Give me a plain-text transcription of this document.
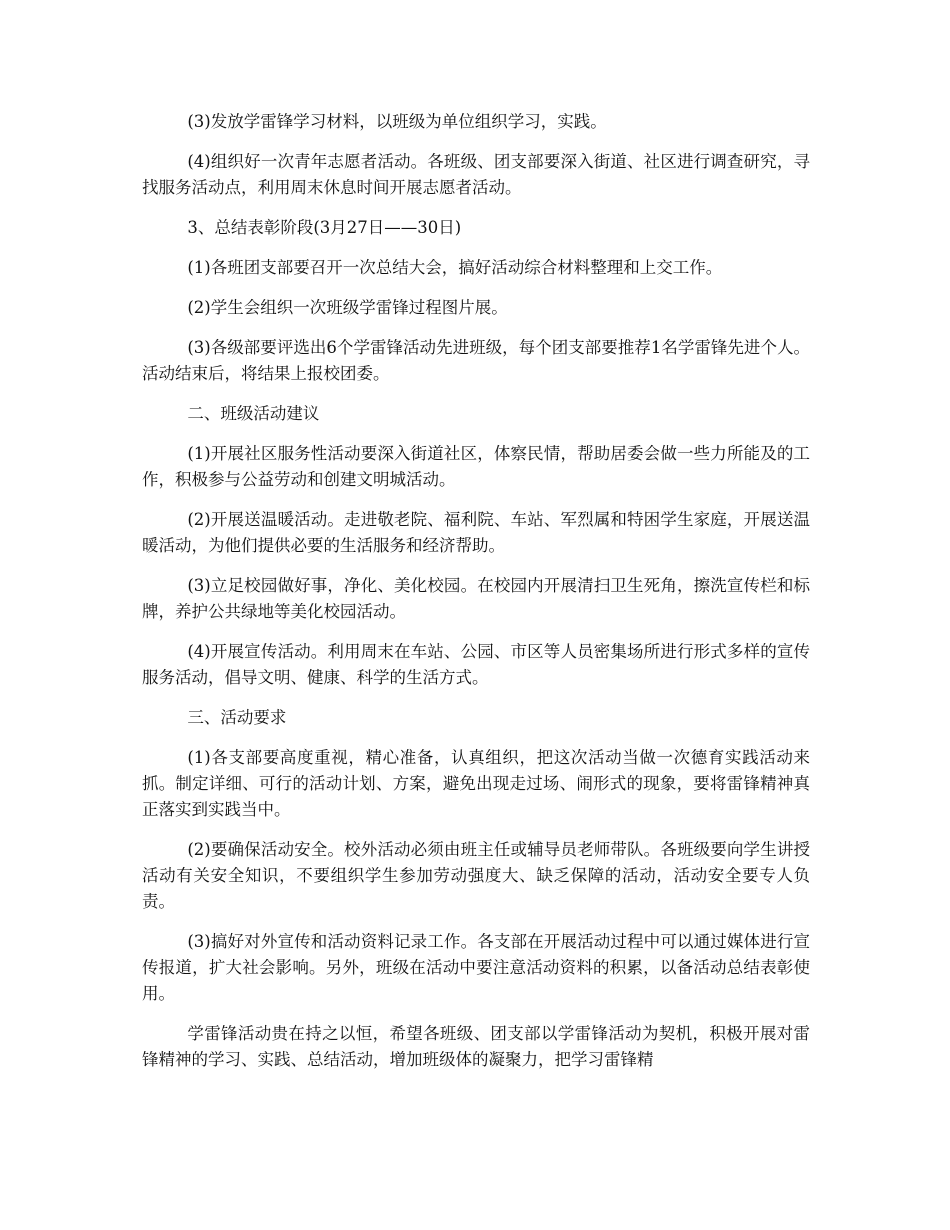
(3)发放学雷锋学习材料，以班级为单位组织学习，实践。

(4)组织好一次青年志愿者活动。各班级、团支部要深入街道、社区进行调查研究，寻找服务活动点，利用周末休息时间开展志愿者活动。

3、总结表彰阶段(3月27日——30日)

(1)各班团支部要召开一次总结大会，搞好活动综合材料整理和上交工作。

(2)学生会组织一次班级学雷锋过程图片展。

(3)各级部要评选出6个学雷锋活动先进班级，每个团支部要推荐1名学雷锋先进个人。活动结束后，将结果上报校团委。

二、班级活动建议

(1)开展社区服务性活动要深入街道社区，体察民情，帮助居委会做一些力所能及的工作，积极参与公益劳动和创建文明城活动。

(2)开展送温暖活动。走进敬老院、福利院、车站、军烈属和特困学生家庭，开展送温暖活动，为他们提供必要的生活服务和经济帮助。

(3)立足校园做好事，净化、美化校园。在校园内开展清扫卫生死角，擦洗宣传栏和标牌，养护公共绿地等美化校园活动。

(4)开展宣传活动。利用周末在车站、公园、市区等人员密集场所进行形式多样的宣传服务活动，倡导文明、健康、科学的生活方式。

三、活动要求

(1)各支部要高度重视，精心准备，认真组织，把这次活动当做一次德育实践活动来抓。制定详细、可行的活动计划、方案，避免出现走过场、闹形式的现象，要将雷锋精神真正落实到实践当中。

(2)要确保活动安全。校外活动必须由班主任或辅导员老师带队。各班级要向学生讲授活动有关安全知识，不要组织学生参加劳动强度大、缺乏保障的活动，活动安全要专人负责。

(3)搞好对外宣传和活动资料记录工作。各支部在开展活动过程中可以通过媒体进行宣传报道，扩大社会影响。另外，班级在活动中要注意活动资料的积累，以备活动总结表彰使用。

学雷锋活动贵在持之以恒，希望各班级、团支部以学雷锋活动为契机，积极开展对雷锋精神的学习、实践、总结活动，增加班级体的凝聚力，把学习雷锋精
